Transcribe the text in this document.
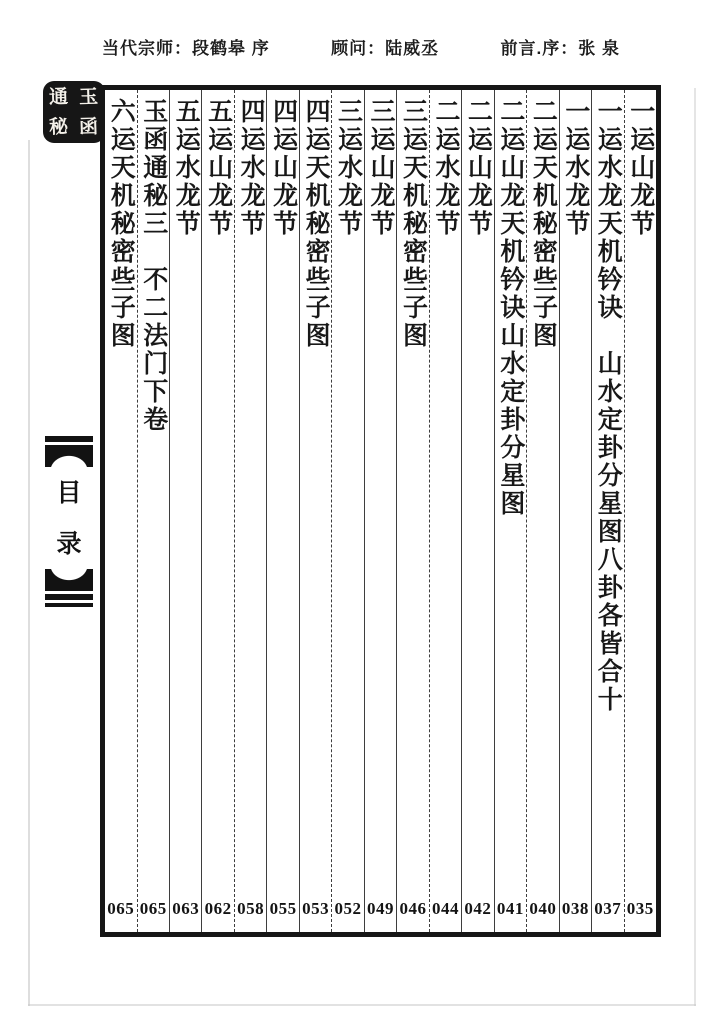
当代宗师：段鹤皋 序	顾问：陆威丞	前言.序：张 泉
通 玉
秘 函
目
录
一运山龙节
035
一运水龙天机钤诀　山水定卦分星图八卦各皆合十
037
一运水龙节
038
二运天机秘密些子图
040
二运山龙天机钤诀山水定卦分星图
041
二运山龙节
042
二运水龙节
044
三运天机秘密些子图
046
三运山龙节
049
三运水龙节
052
四运天机秘密些子图
053
四运山龙节
055
四运水龙节
058
五运山龙节
062
五运水龙节
063
玉函通秘三　不二法门下卷
065
六运天机秘密些子图
065
